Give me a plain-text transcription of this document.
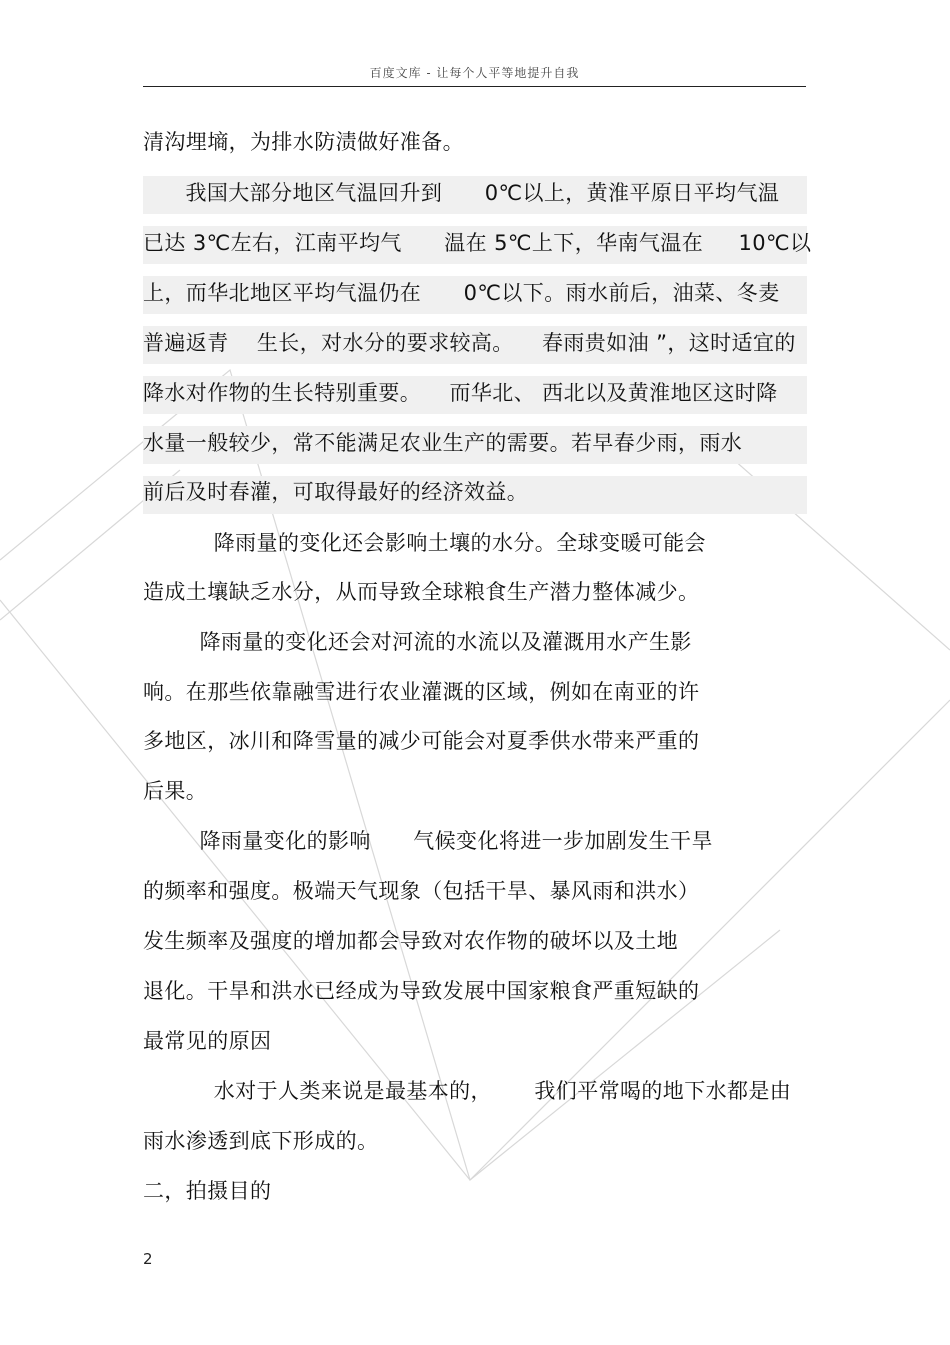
百度文库 - 让每个人平等地提升自我
清沟埋墒，为排水防渍做好准备。
我国大部分地区气温回升到      0℃以上，黄淮平原日平均气温
已达 3℃左右，江南平均气      温在 5℃上下，华南气温在     10℃以
上，而华北地区平均气温仍在      0℃以下。雨水前后，油菜、冬麦
普遍返青    生长，对水分的要求较高。    春雨贵如油 ”，这时适宜的
降水对作物的生长特别重要。    而华北、 西北以及黄淮地区这时降
水量一般较少，常不能满足农业生产的需要。若早春少雨，雨水
前后及时春灌，可取得最好的经济效益。
降雨量的变化还会影响土壤的水分。全球变暖可能会
造成土壤缺乏水分，从而导致全球粮食生产潜力整体减少。
降雨量的变化还会对河流的水流以及灌溉用水产生影
响。在那些依靠融雪进行农业灌溉的区域，例如在南亚的许
多地区，冰川和降雪量的减少可能会对夏季供水带来严重的
后果。
降雨量变化的影响      气候变化将进一步加剧发生干旱
的频率和强度。极端天气现象（包括干旱、暴风雨和洪水）
发生频率及强度的增加都会导致对农作物的破坏以及土地
退化。干旱和洪水已经成为导致发展中国家粮食严重短缺的
最常见的原因
水对于人类来说是最基本的，      我们平常喝的地下水都是由
雨水渗透到底下形成的。
二，拍摄目的
2
